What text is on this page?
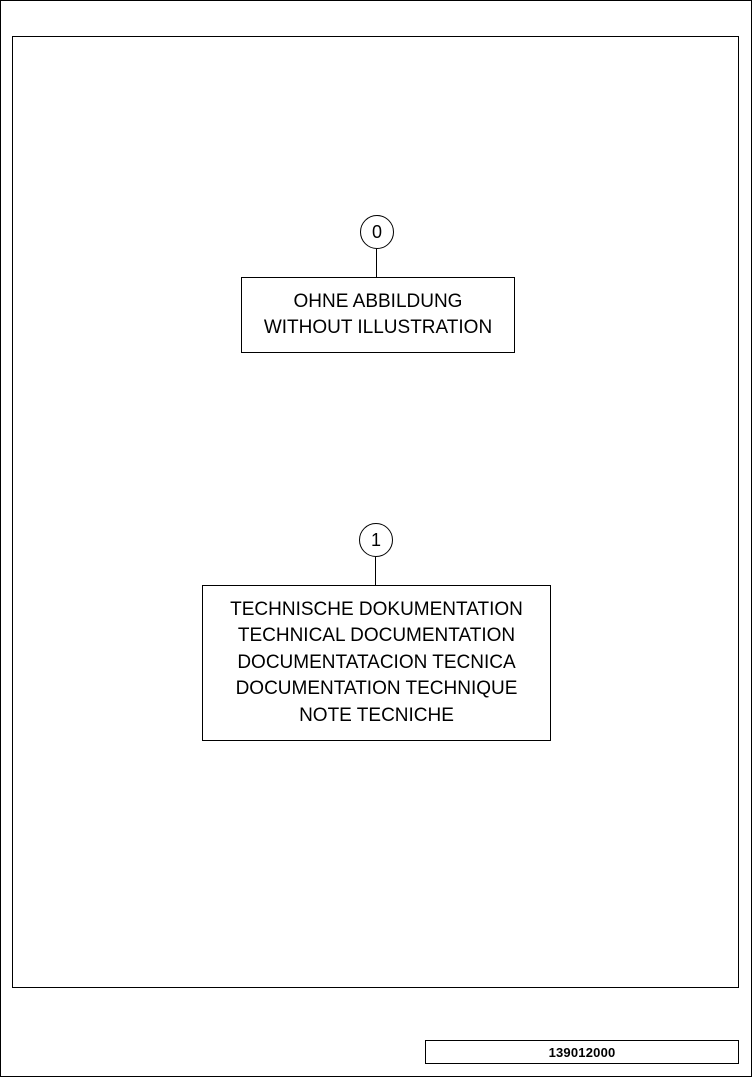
0
OHNE ABBILDUNG
WITHOUT ILLUSTRATION
1
TECHNISCHE DOKUMENTATION
TECHNICAL DOCUMENTATION
DOCUMENTATACION TECNICA
DOCUMENTATION TECHNIQUE
NOTE TECNICHE
139012000
